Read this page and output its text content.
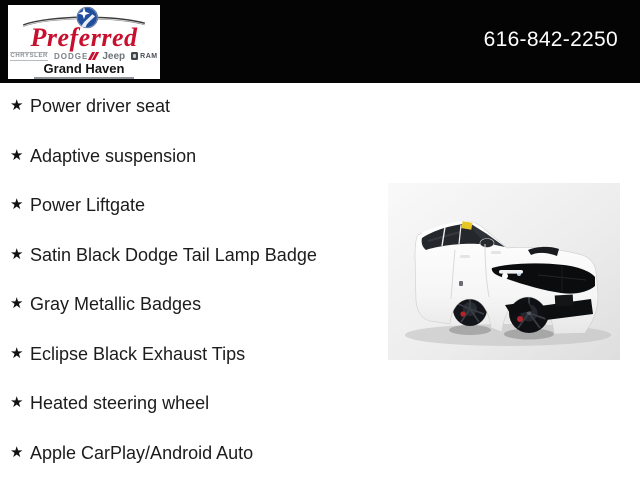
Preferred
CHRYSLER DODGE Jeep RAM
Grand Haven
616-842-2250
★ Power driver seat
★ Adaptive suspension
★ Power Liftgate
★ Satin Black Dodge Tail Lamp Badge
★ Gray Metallic Badges
★ Eclipse Black Exhaust Tips
★ Heated steering wheel
★ Apple CarPlay/Android Auto
